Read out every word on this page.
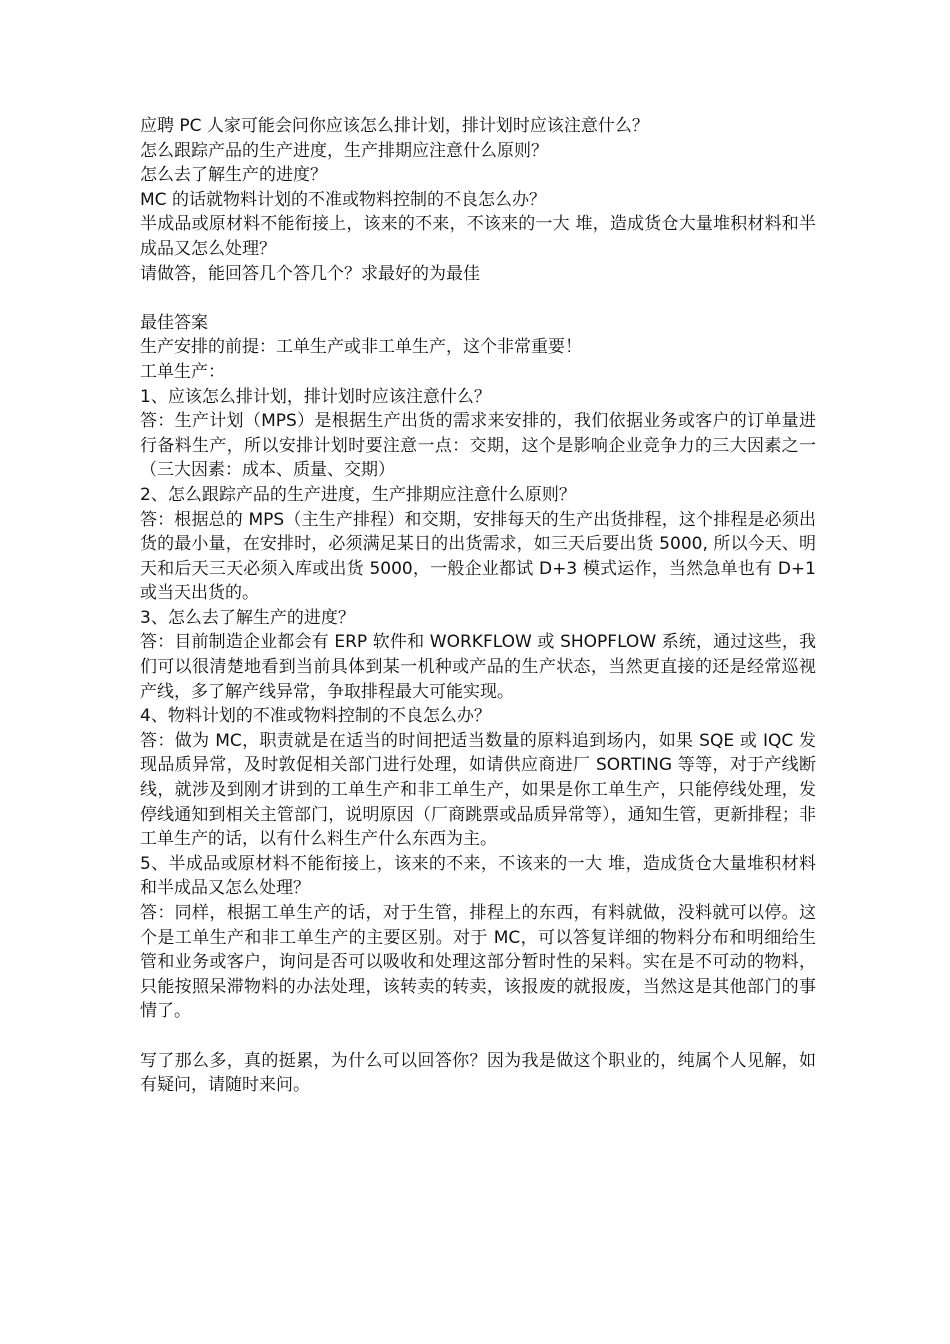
应聘 PC 人家可能会问你应该怎么排计划，排计划时应该注意什么？

怎么跟踪产品的生产进度，生产排期应注意什么原则？

怎么去了解生产的进度？

MC 的话就物料计划的不准或物料控制的不良怎么办？

半成品或原材料不能衔接上，该来的不来，不该来的一大 堆，造成货仓大量堆积材料和半成品又怎么处理？

请做答，能回答几个答几个？求最好的为最佳

最佳答案

生产安排的前提：工单生产或非工单生产，这个非常重要！

工单生产：

1、应该怎么排计划，排计划时应该注意什么？

答：生产计划（MPS）是根据生产出货的需求来安排的，我们依据业务或客户的订单量进行备料生产，所以安排计划时要注意一点：交期，这个是影响企业竞争力的三大因素之一（三大因素：成本、质量、交期）

2、怎么跟踪产品的生产进度，生产排期应注意什么原则？

答：根据总的 MPS（主生产排程）和交期，安排每天的生产出货排程，这个排程是必须出货的最小量，在安排时，必须满足某日的出货需求，如三天后要出货 5000, 所以今天、明天和后天三天必须入库或出货 5000，一般企业都试 D+3 模式运作，当然急单也有 D+1 或当天出货的。

3、怎么去了解生产的进度？

答：目前制造企业都会有 ERP 软件和 WORKFLOW 或 SHOPFLOW 系统，通过这些，我们可以很清楚地看到当前具体到某一机种或产品的生产状态，当然更直接的还是经常巡视产线，多了解产线异常，争取排程最大可能实现。

4、物料计划的不准或物料控制的不良怎么办？

答：做为 MC，职责就是在适当的时间把适当数量的原料追到场内，如果 SQE 或 IQC 发现品质异常，及时敦促相关部门进行处理，如请供应商进厂 SORTING 等等，对于产线断线，就涉及到刚才讲到的工单生产和非工单生产，如果是你工单生产，只能停线处理，发停线通知到相关主管部门，说明原因（厂商跳票或品质异常等），通知生管，更新排程；非工单生产的话，以有什么料生产什么东西为主。

5、半成品或原材料不能衔接上，该来的不来，不该来的一大 堆，造成货仓大量堆积材料和半成品又怎么处理？

答：同样，根据工单生产的话，对于生管，排程上的东西，有料就做，没料就可以停。这个是工单生产和非工单生产的主要区别。对于 MC，可以答复详细的物料分布和明细给生管和业务或客户，询问是否可以吸收和处理这部分暂时性的呆料。实在是不可动的物料，只能按照呆滞物料的办法处理，该转卖的转卖，该报废的就报废，当然这是其他部门的事情了。

写了那么多，真的挺累，为什么可以回答你？因为我是做这个职业的，纯属个人见解，如有疑问，请随时来问。
